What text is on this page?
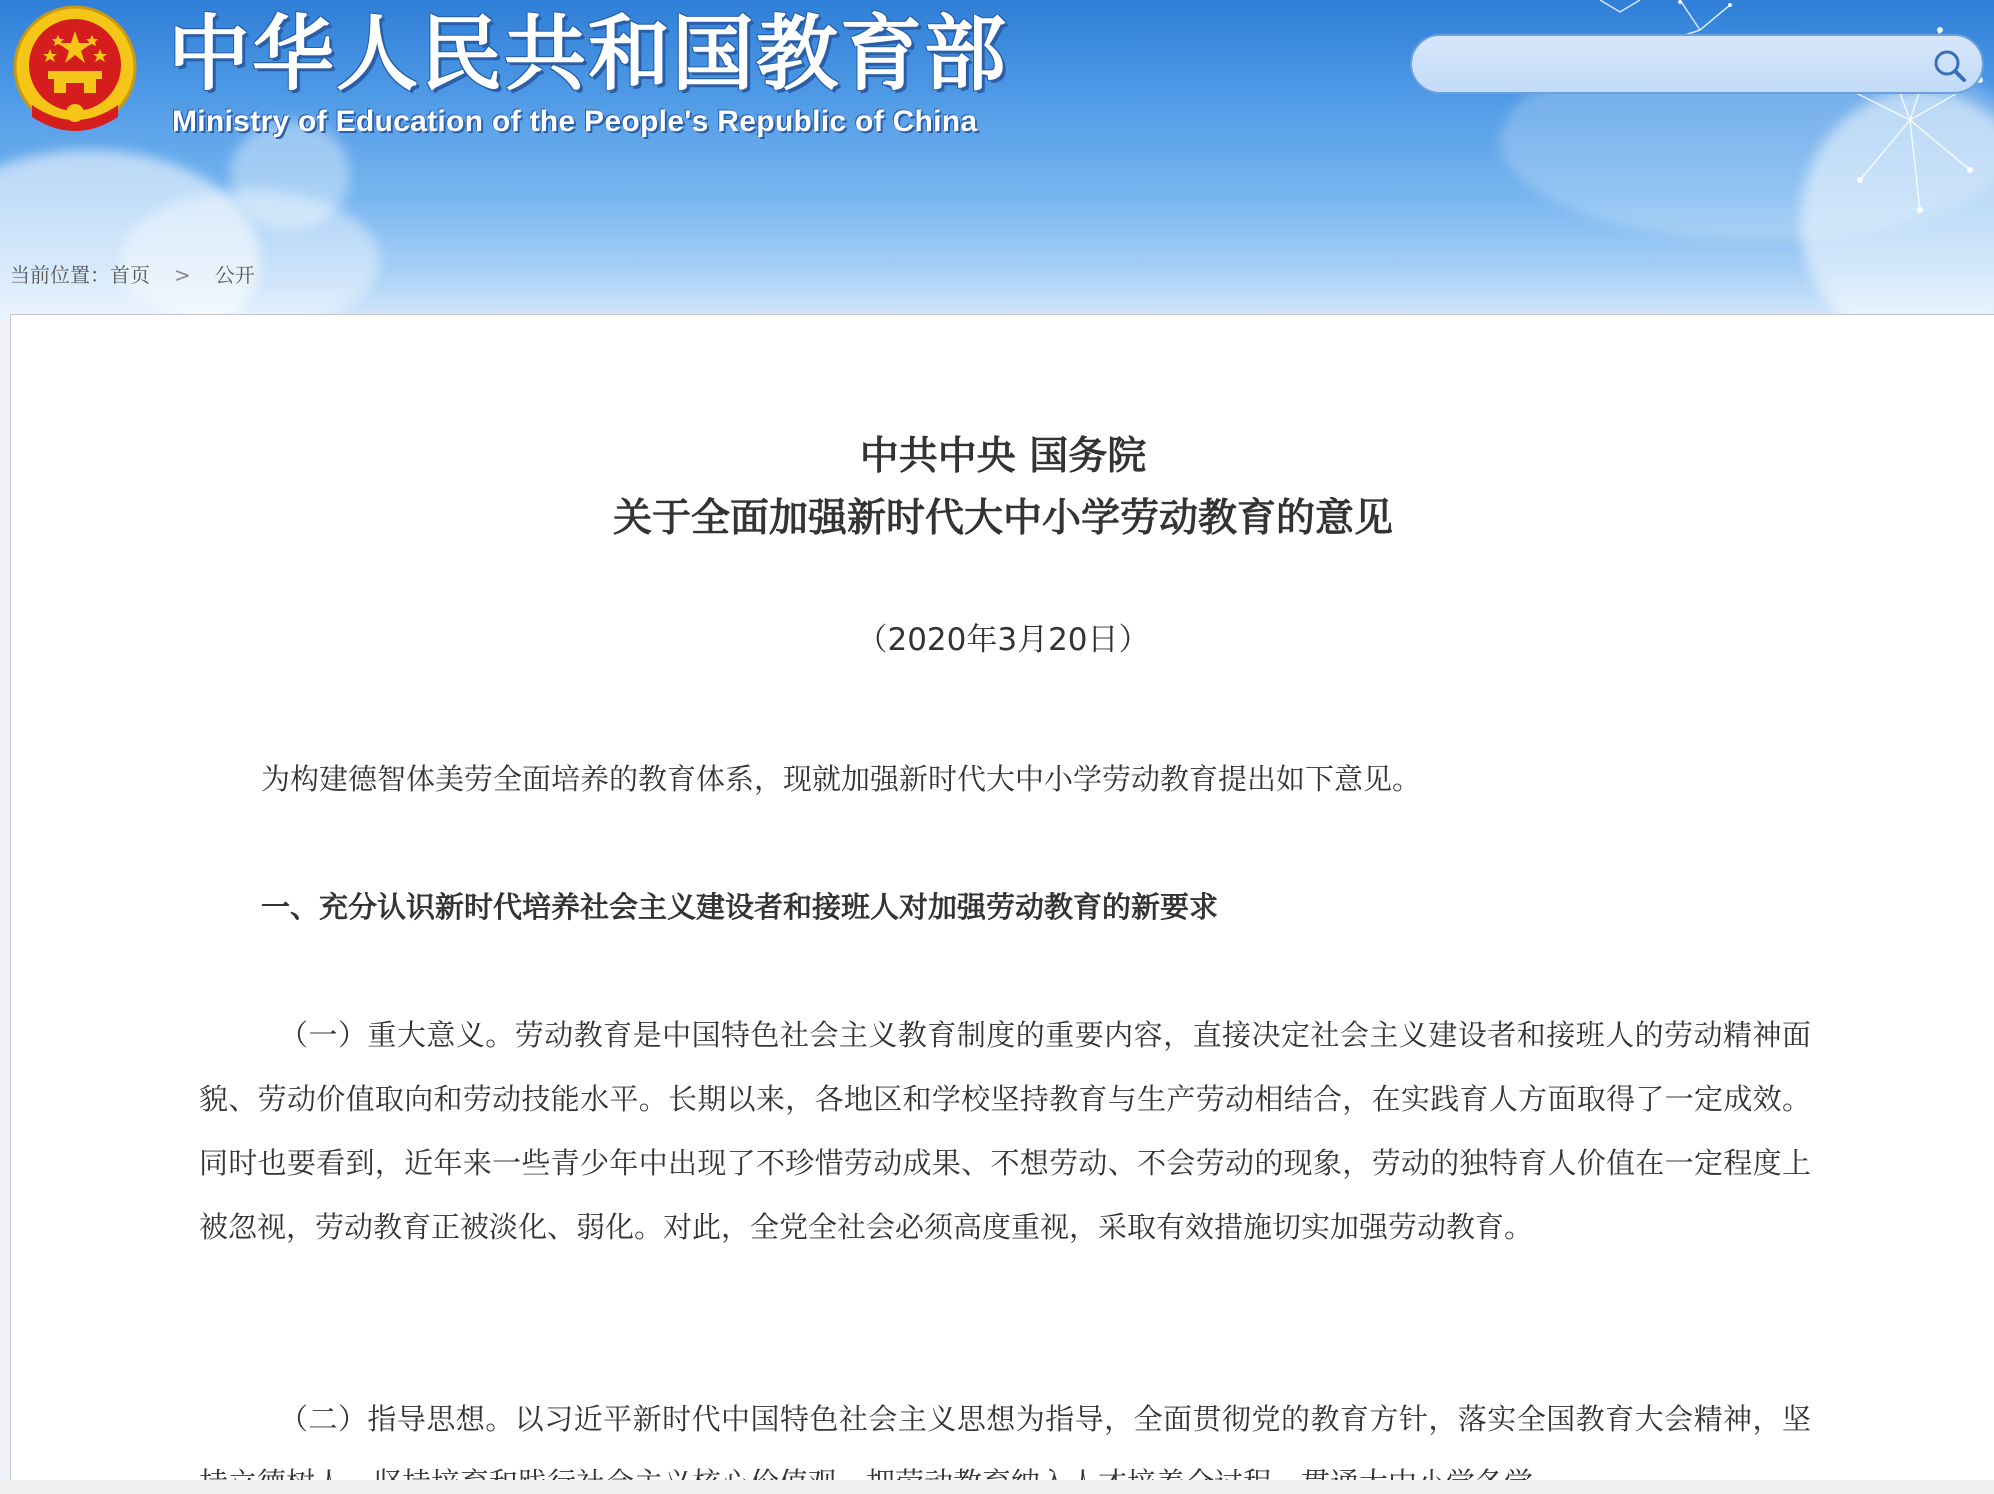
中华人民共和国教育部
Ministry of Education of the People's Republic of China
当前位置：首页 > 公开
中共中央 国务院
关于全面加强新时代大中小学劳动教育的意见
（2020年3月20日）

为构建德智体美劳全面培养的教育体系，现就加强新时代大中小学劳动教育提出如下意见。

一、充分认识新时代培养社会主义建设者和接班人对加强劳动教育的新要求

（一）重大意义。劳动教育是中国特色社会主义教育制度的重要内容，直接决定社会主义建设者和接班人的劳动精神面貌、劳动价值取向和劳动技能水平。长期以来，各地区和学校坚持教育与生产劳动相结合，在实践育人方面取得了一定成效。同时也要看到，近年来一些青少年中出现了不珍惜劳动成果、不想劳动、不会劳动的现象，劳动的独特育人价值在一定程度上被忽视，劳动教育正被淡化、弱化。对此，全党全社会必须高度重视，采取有效措施切实加强劳动教育。

（二）指导思想。以习近平新时代中国特色社会主义思想为指导，全面贯彻党的教育方针，落实全国教育大会精神，坚
